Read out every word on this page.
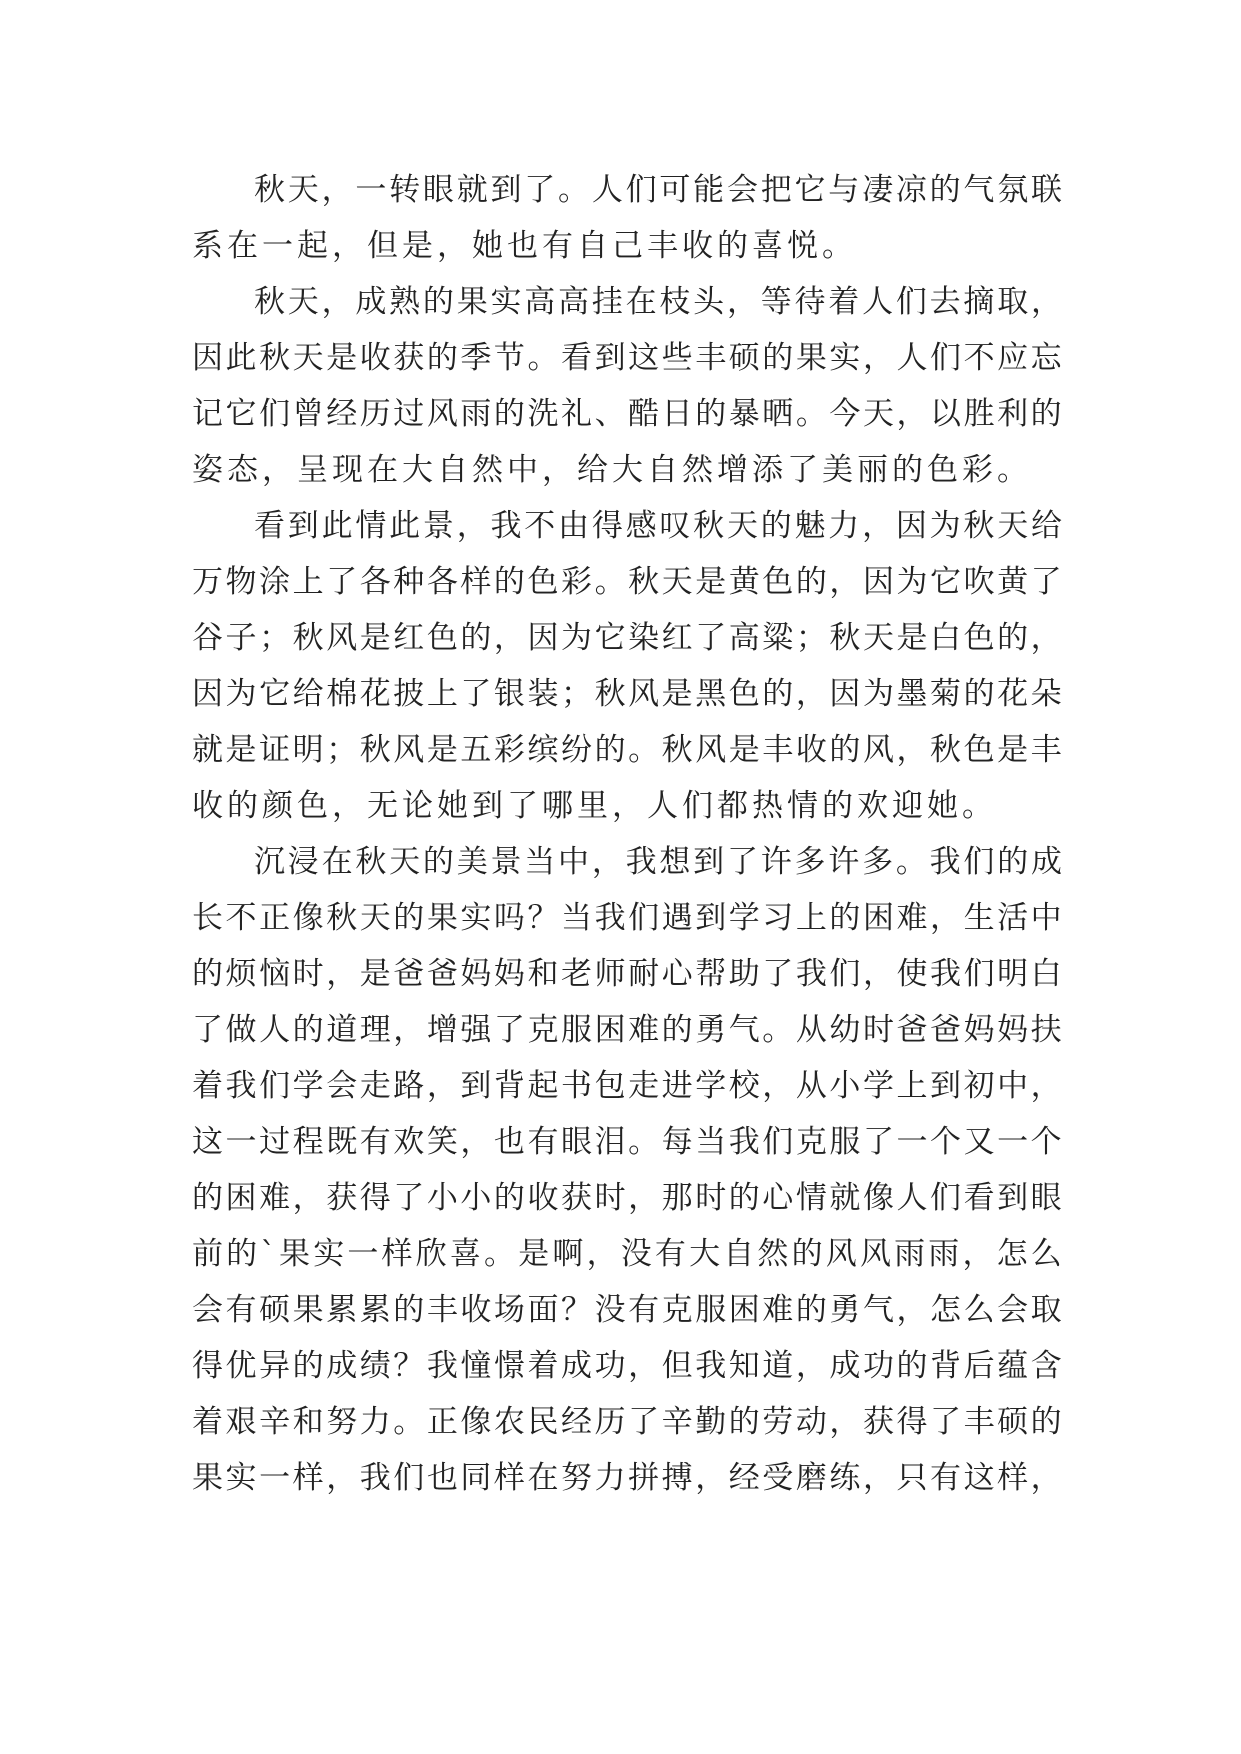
秋 天 ， 一 转 眼 就 到 了 。 人 们 可 能 会 把 它 与 凄 凉 的 气 氛 联
系在一起，但是，她也有自己丰收的喜悦。
秋 天 ， 成 熟 的 果 实 高 高 挂 在 枝 头 ， 等 待 着 人 们 去 摘 取 ，
因 此 秋 天 是 收 获 的 季 节 。 看 到 这 些 丰 硕 的 果 实 ， 人 们 不 应 忘
记 它 们 曾 经 历 过 风 雨 的 洗 礼 、 酷 日 的 暴 晒 。 今 天 ， 以 胜 利 的
姿态，呈现在大自然中，给大自然增添了美丽的色彩。
看 到 此 情 此 景 ， 我 不 由 得 感 叹 秋 天 的 魅 力 ， 因 为 秋 天 给
万 物 涂 上 了 各 种 各 样 的 色 彩 。 秋 天 是 黄 色 的 ， 因 为 它 吹 黄 了
谷 子 ； 秋 风 是 红 色 的 ， 因 为 它 染 红 了 高 粱 ； 秋 天 是 白 色 的 ，
因 为 它 给 棉 花 披 上 了 银 装 ； 秋 风 是 黑 色 的 ， 因 为 墨 菊 的 花 朵
就 是 证 明 ； 秋 风 是 五 彩 缤 纷 的 。 秋 风 是 丰 收 的 风 ， 秋 色 是 丰
收的颜色，无论她到了哪里，人们都热情的欢迎她。
沉 浸 在 秋 天 的 美 景 当 中 ， 我 想 到 了 许 多 许 多 。 我 们 的 成
长 不 正 像 秋 天 的 果 实 吗 ？ 当 我 们 遇 到 学 习 上 的 困 难 ， 生 活 中
的 烦 恼 时 ， 是 爸 爸 妈 妈 和 老 师 耐 心 帮 助 了 我 们 ， 使 我 们 明 白
了 做 人 的 道 理 ， 增 强 了 克 服 困 难 的 勇 气 。 从 幼 时 爸 爸 妈 妈 扶
着 我 们 学 会 走 路 ， 到 背 起 书 包 走 进 学 校 ， 从 小 学 上 到 初 中 ，
这 一 过 程 既 有 欢 笑 ， 也 有 眼 泪 。 每 当 我 们 克 服 了 一 个 又 一 个
的 困 难 ， 获 得 了 小 小 的 收 获 时 ， 那 时 的 心 情 就 像 人 们 看 到 眼
前 的 ` 果 实 一 样 欣 喜 。 是 啊 ， 没 有 大 自 然 的 风 风 雨 雨 ， 怎 么
会 有 硕 果 累 累 的 丰 收 场 面 ？ 没 有 克 服 困 难 的 勇 气 ， 怎 么 会 取
得 优 异 的 成 绩 ？ 我 憧 憬 着 成 功 ， 但 我 知 道 ， 成 功 的 背 后 蕴 含
着 艰 辛 和 努 力 。 正 像 农 民 经 历 了 辛 勤 的 劳 动 ， 获 得 了 丰 硕 的
果 实 一 样 ， 我 们 也 同 样 在 努 力 拼 搏 ， 经 受 磨 练 ， 只 有 这 样 ，
